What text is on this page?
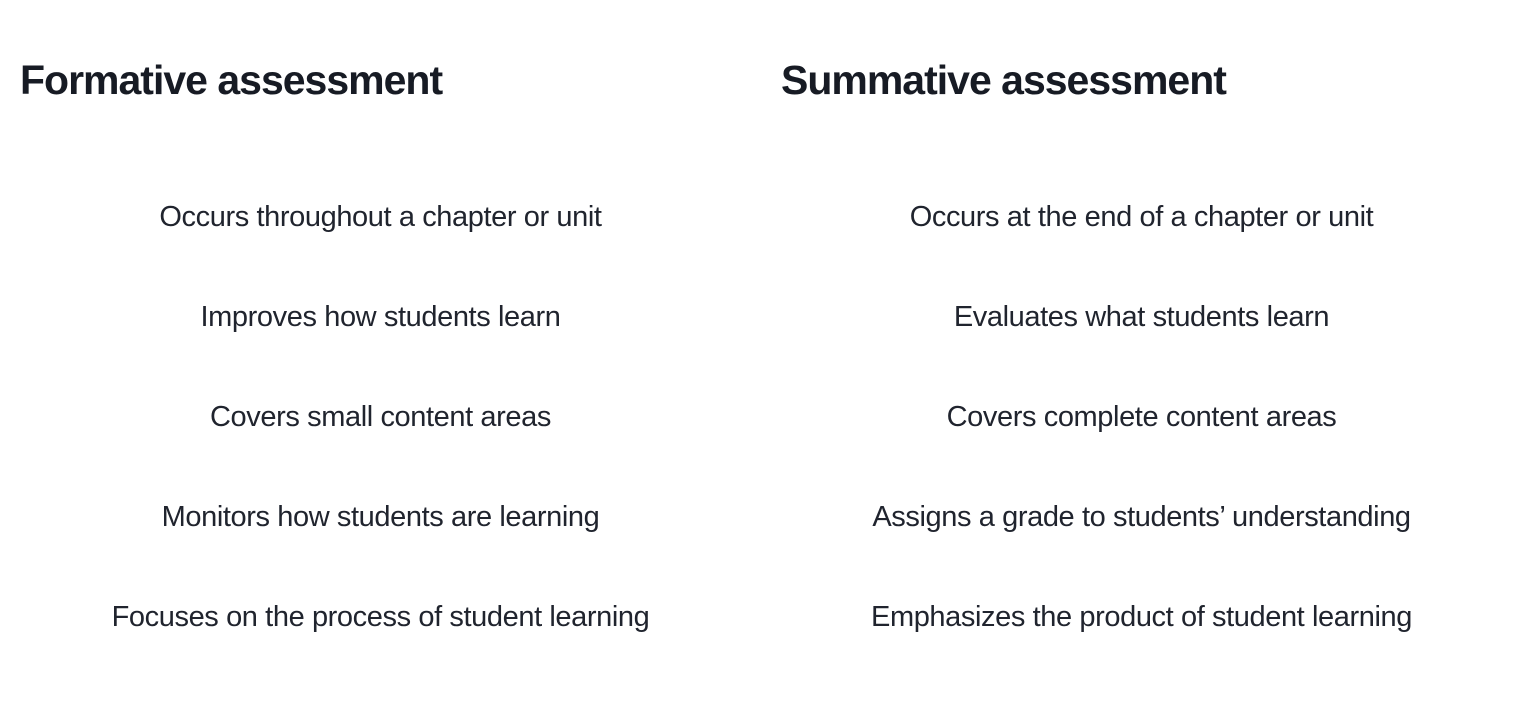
Formative assessment
Occurs throughout a chapter or unit
Improves how students learn
Covers small content areas
Monitors how students are learning
Focuses on the process of student learning
Summative assessment
Occurs at the end of a chapter or unit
Evaluates what students learn
Covers complete content areas
Assigns a grade to students’ understanding
Emphasizes the product of student learning
